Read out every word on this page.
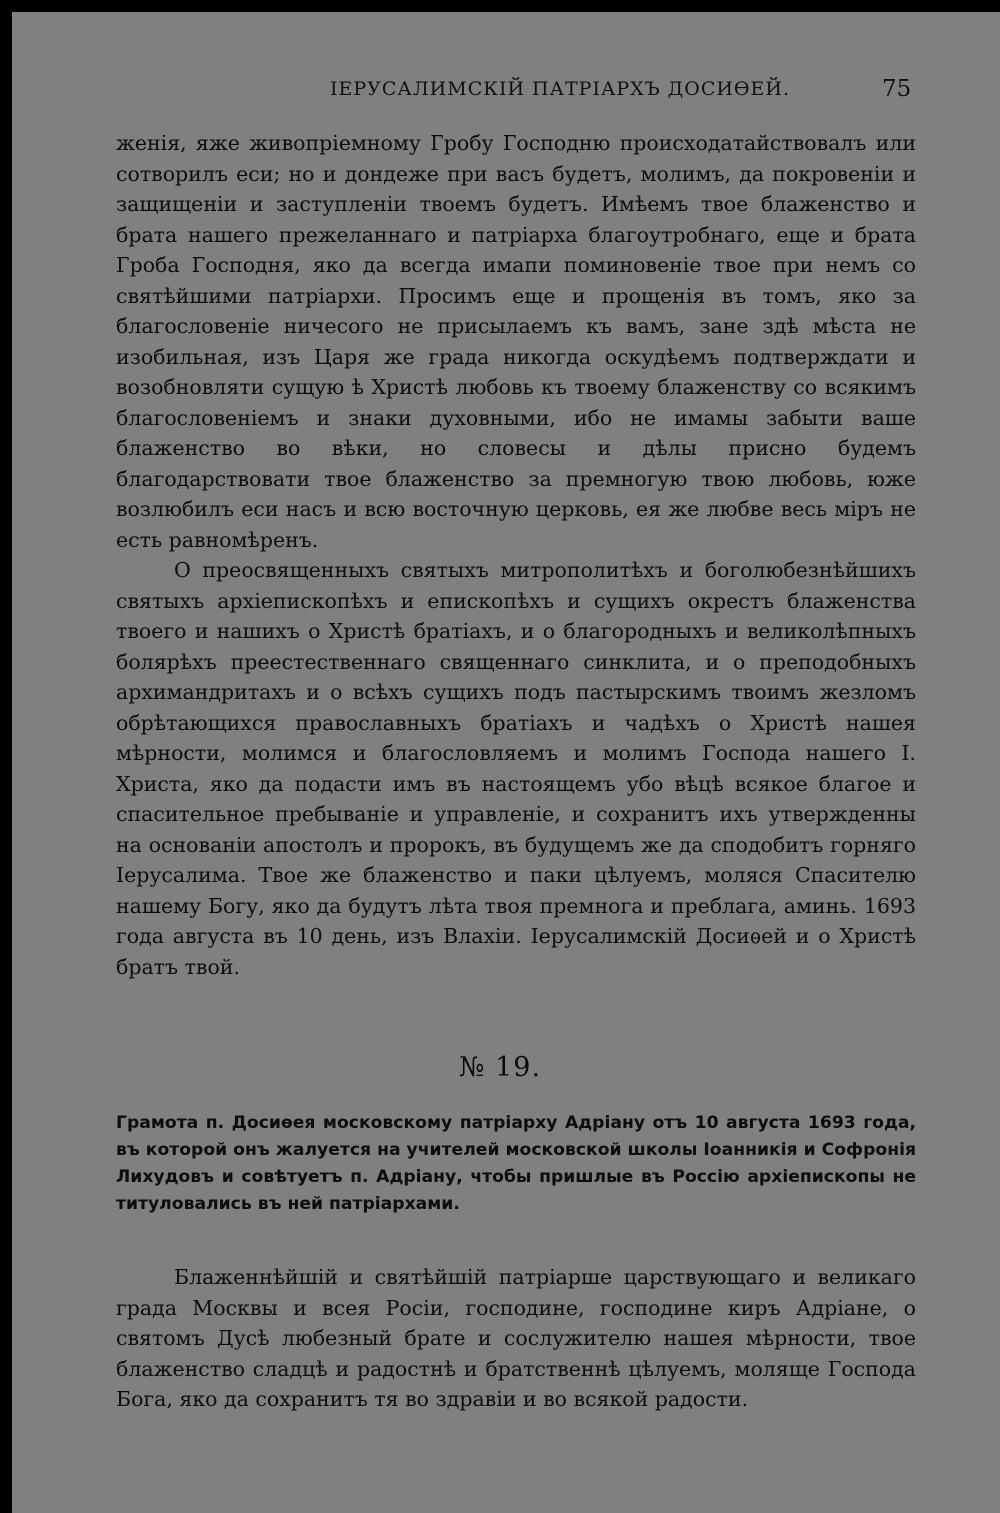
ІЕРУСАЛИМСКІЙ ПАТРІАРХЪ ДОСИѲЕЙ.	75

женія, яже живопріемному Гробу Господню происходатайствовалъ или сотворилъ еси; но и дондеже при васъ будетъ, молимъ, да покровеніи и защищеніи и заступленіи твоемъ будетъ. Имѣемъ твое блаженство и брата нашего прежеланнаго и патріарха благоутробнаго, еще и брата Гроба Господня, яко да всегда имапи поминовеніе твое при немъ со святѣйшими патріархи. Просимъ еще и прощенія въ томъ, яко за благословеніе ничесого не присылаемъ къ вамъ, зане здѣ мѣста не изобильная, изъ Царя же града никогда оскудѣемъ подтверждати и возобновляти сущую ѣ Христѣ любовь къ твоему блаженству со всякимъ благословеніемъ и знаки духовными, ибо не имамы забыти ваше блаженство во вѣки, но словесы и дѣлы присно будемъ благодарствовати твое блаженство за премногую твою любовь, юже возлюбилъ еси насъ и всю восточную церковь, ея же любве весь міръ не есть равномѣренъ.

О преосвященныхъ святыхъ митрополитѣхъ и боголюбезнѣйшихъ святыхъ архіепископѣхъ и епископѣхъ и сущихъ окрестъ блаженства твоего и нашихъ о Христѣ братіахъ, и о благородныхъ и великолѣпныхъ болярѣхъ преестественнаго священнаго синклита, и о преподобныхъ архимандритахъ и о всѣхъ сущихъ подъ пастырскимъ твоимъ жезломъ обрѣтающихся православныхъ братіахъ и чадѣхъ о Христѣ нашея мѣрности, молимся и благословляемъ и молимъ Господа нашего І. Христа, яко да подасти имъ въ настоящемъ убо вѣцѣ всякое благое и спасительное пребываніе и управленіе, и сохранитъ ихъ утвержденны на основаніи апостолъ и пророкъ, въ будущемъ же да сподобитъ горняго Іерусалима. Твое же блаженство и паки цѣлуемъ, моляся Спасителю нашему Богу, яко да будутъ лѣта твоя премнога и преблага, аминь. 1693 года августа въ 10 день, изъ Влахіи. Іерусалимскій Досиѳей и о Христѣ братъ твой.

№ 19.
Грамота п. Досиѳея московскому патріарху Адріану отъ 10 августа 1693 года, въ которой онъ жалуется на учителей московской школы Іоанникія и Софронія Лихудовъ и совѣтуетъ п. Адріану, чтобы пришлые въ Россію архіепископы не титуловались въ ней патріархами.

Блаженнѣйшій и святѣйшій патріарше царствующаго и великаго града Москвы и всея Росіи, господине, господине киръ Адріане, о святомъ Дусѣ любезный брате и сослужителю нашея мѣрности, твое блаженство сладцѣ и радостнѣ и братственнѣ цѣлуемъ, моляще Господа Бога, яко да сохранитъ тя во здравіи и во всякой радости.
